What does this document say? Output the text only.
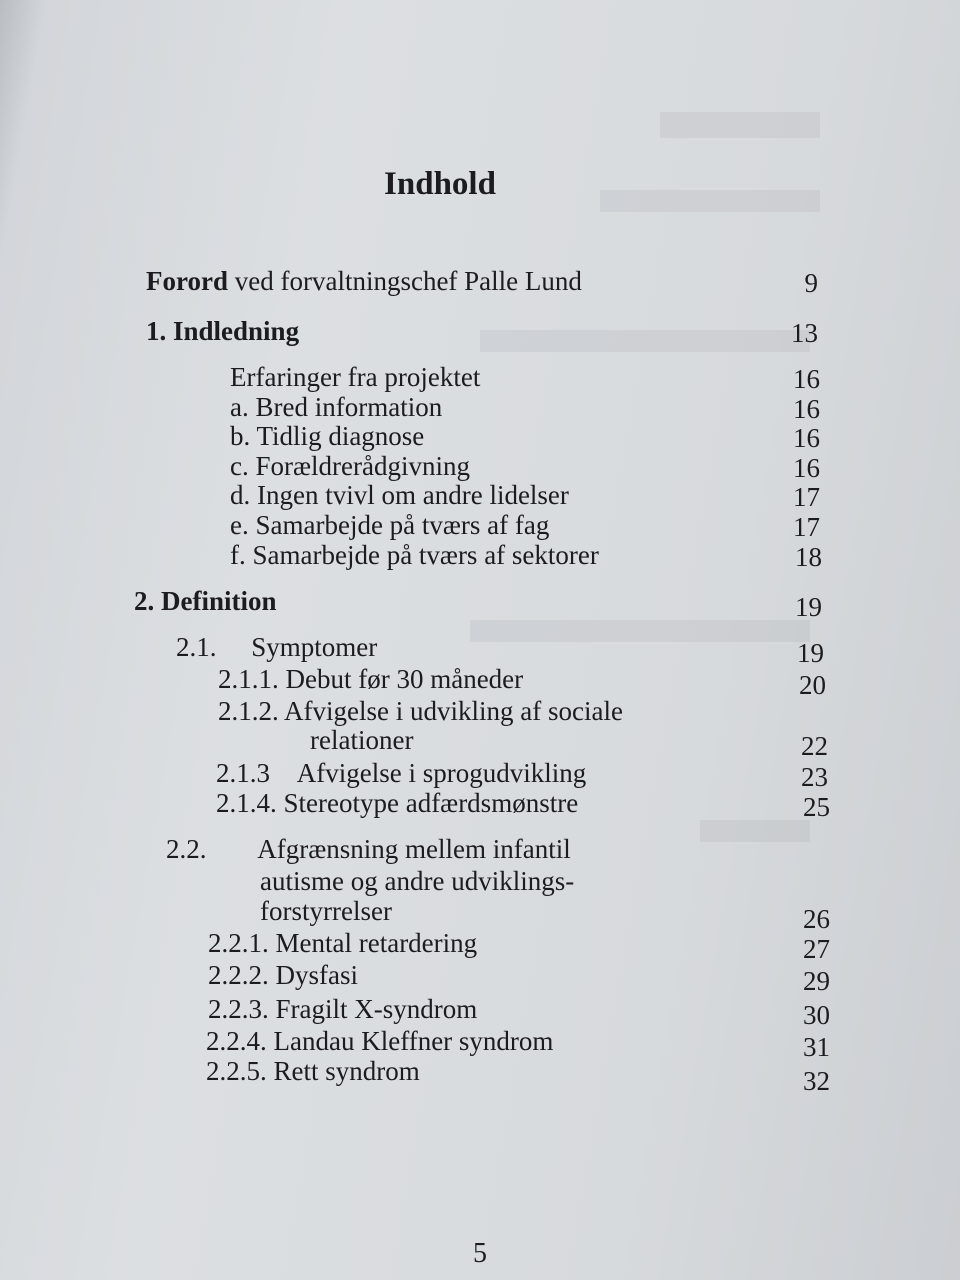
Indhold
Forord ved forvaltningschef Palle Lund	9
1. Indledning	13
Erfaringer fra projektet	16
a. Bred information	16
b. Tidlig diagnose	16
c. Forældrerådgivning	16
d. Ingen tvivl om andre lidelser	17
e. Samarbejde på tværs af fag	17
f. Samarbejde på tværs af sektorer	18
2. Definition	19
2.1. Symptomer	19
2.1.1. Debut før 30 måneder	20
2.1.2. Afvigelse i udvikling af sociale
relationer	22
2.1.3 Afvigelse i sprogudvikling	23
2.1.4. Stereotype adfærdsmønstre	25
2.2. Afgrænsning mellem infantil
autisme og andre udviklings-
forstyrrelser	26
2.2.1. Mental retardering	27
2.2.2. Dysfasi	29
2.2.3. Fragilt X-syndrom	30
2.2.4. Landau Kleffner syndrom	31
2.2.5. Rett syndrom	32
5
